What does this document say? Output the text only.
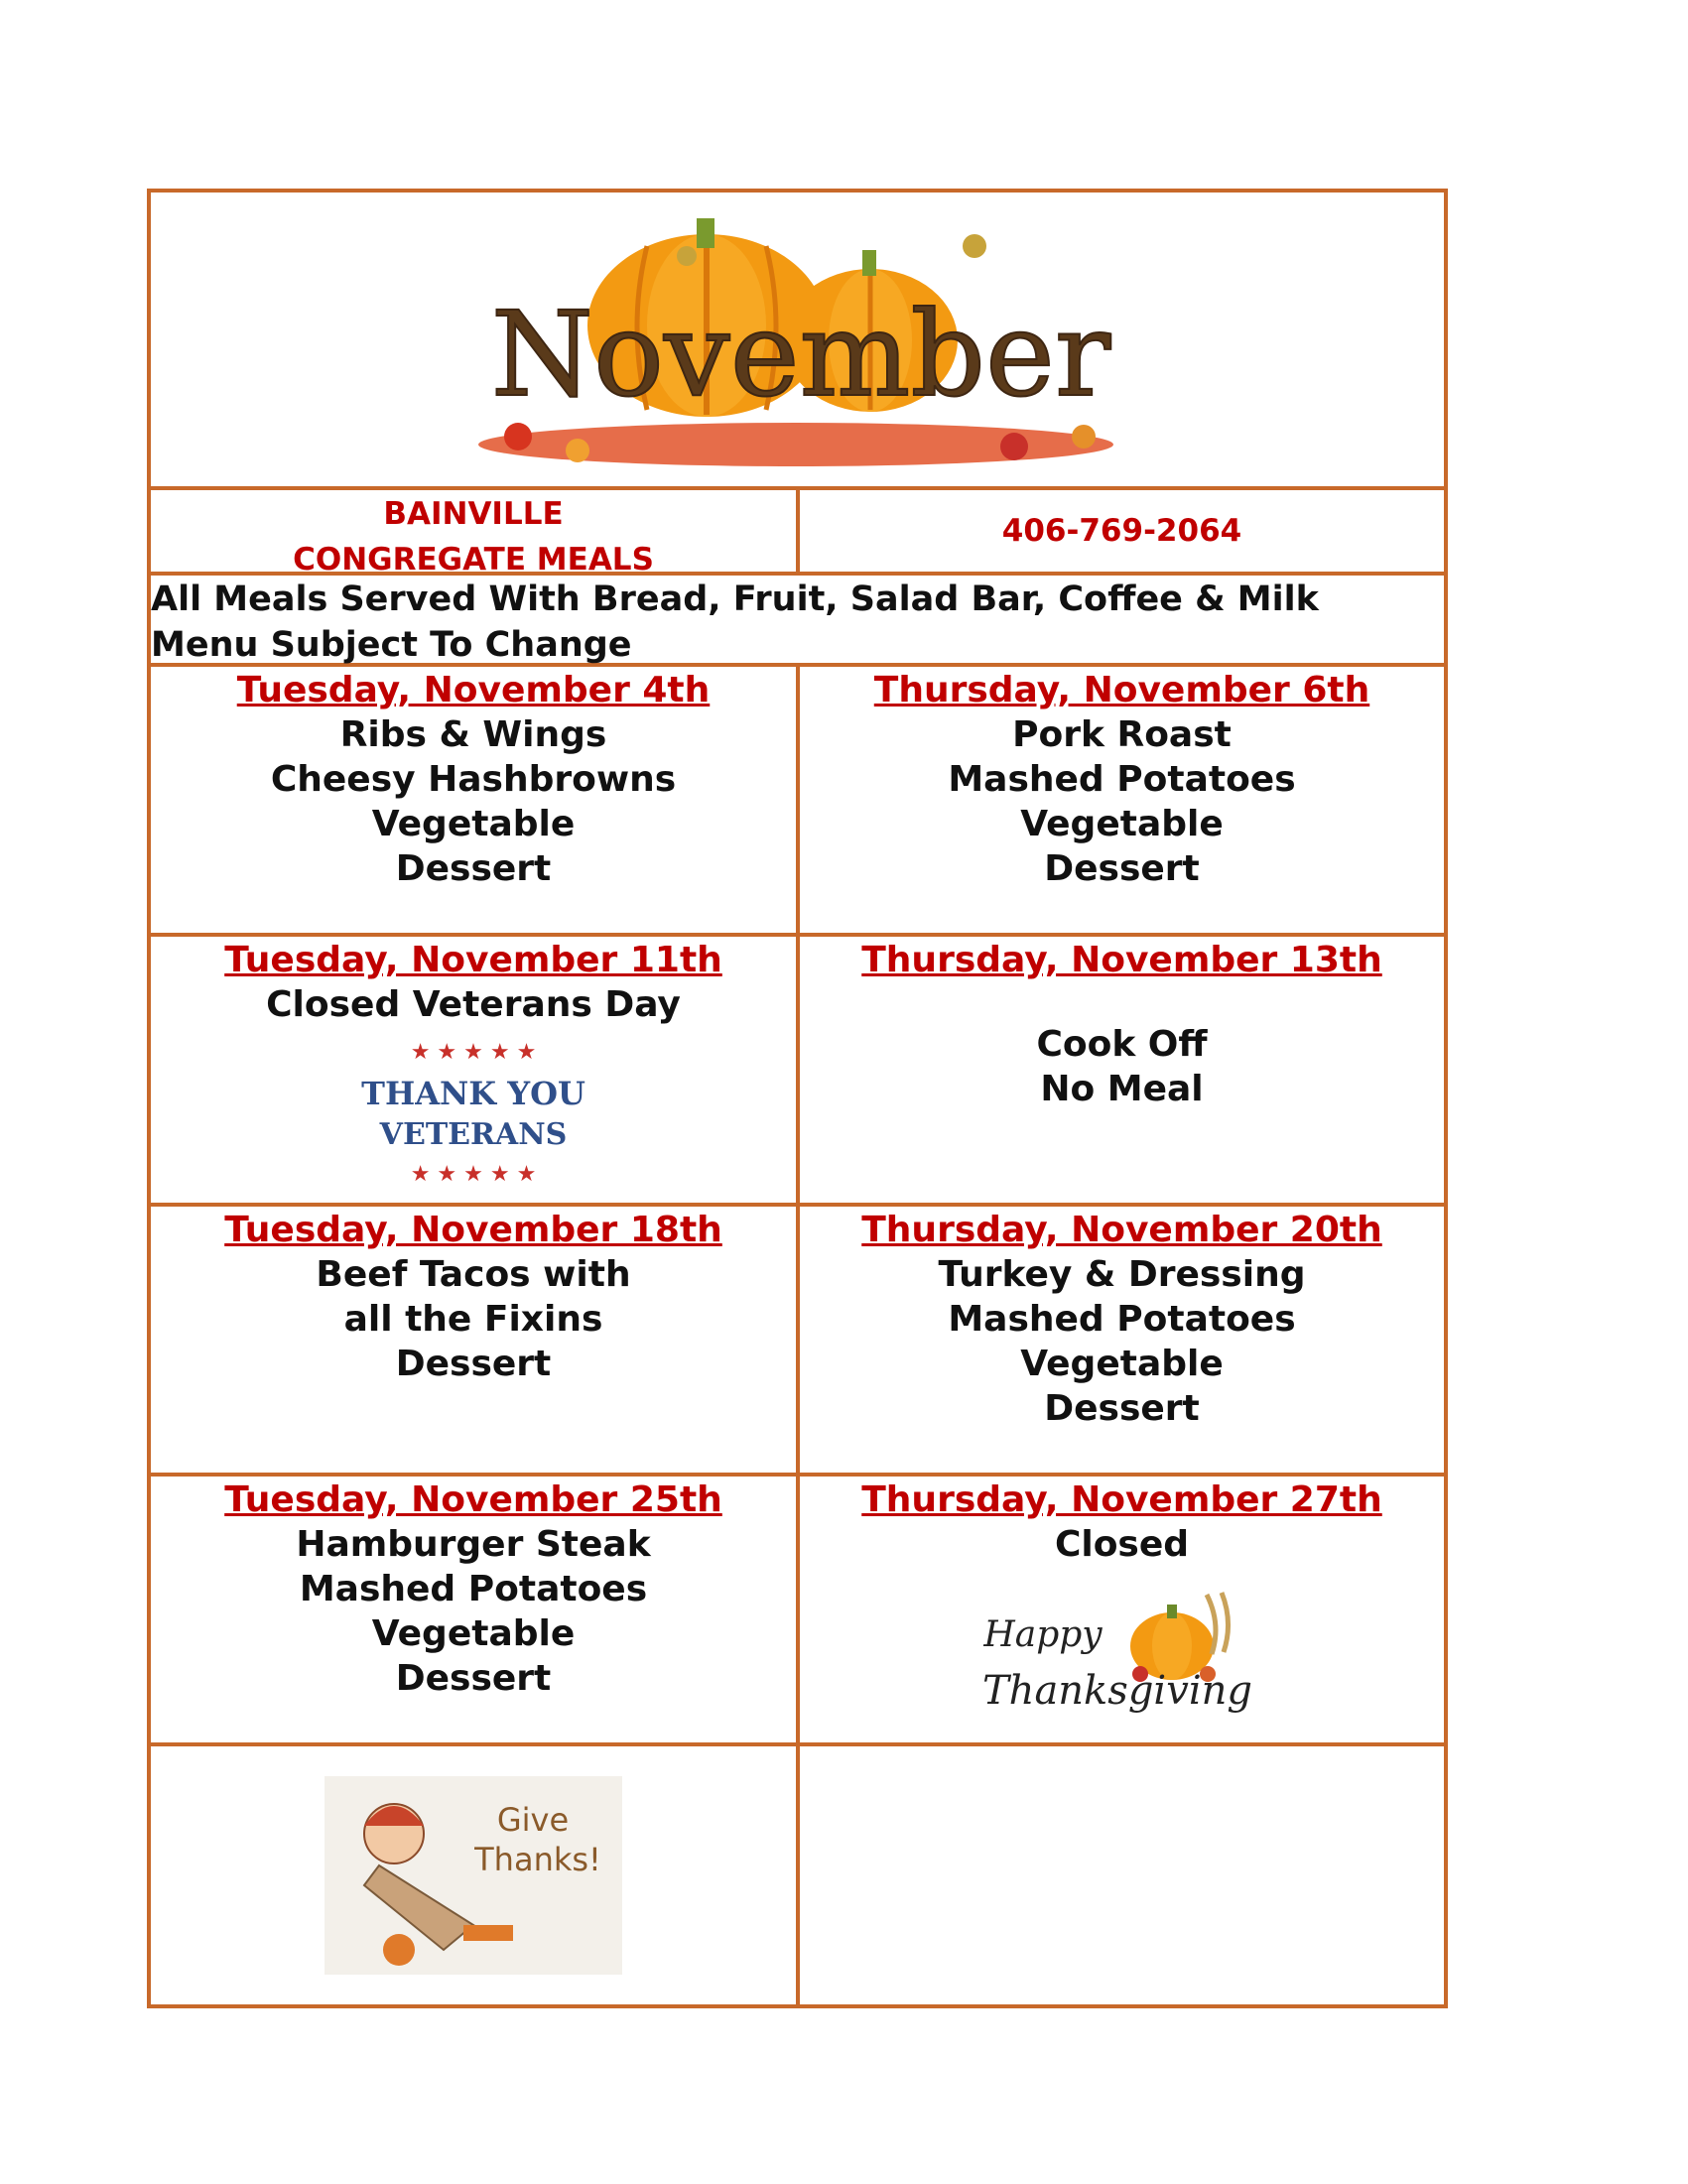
November
BAINVILLE
CONGREGATE MEALS
406-769-2064
All Meals Served With Bread, Fruit, Salad Bar, Coffee & Milk
Menu Subject To Change
Tuesday, November 4th
Ribs & Wings
Cheesy Hashbrowns
Vegetable
Dessert
Thursday, November 6th
Pork Roast
Mashed Potatoes
Vegetable
Dessert
Tuesday, November 11th
Closed Veterans Day
★ ★ ★ ★ ★
★ ★ ★ ★ ★
THANK YOU
VETERANS
Thursday, November 13th
Cook Off
No Meal
Tuesday, November 18th
Beef Tacos with
all the Fixins
Dessert
Thursday, November 20th
Turkey & Dressing
Mashed Potatoes
Vegetable
Dessert
Tuesday, November 25th
Hamburger Steak
Mashed Potatoes
Vegetable
Dessert
Thursday, November 27th
Closed
Happy
Thanksgiving
Give
Thanks!
